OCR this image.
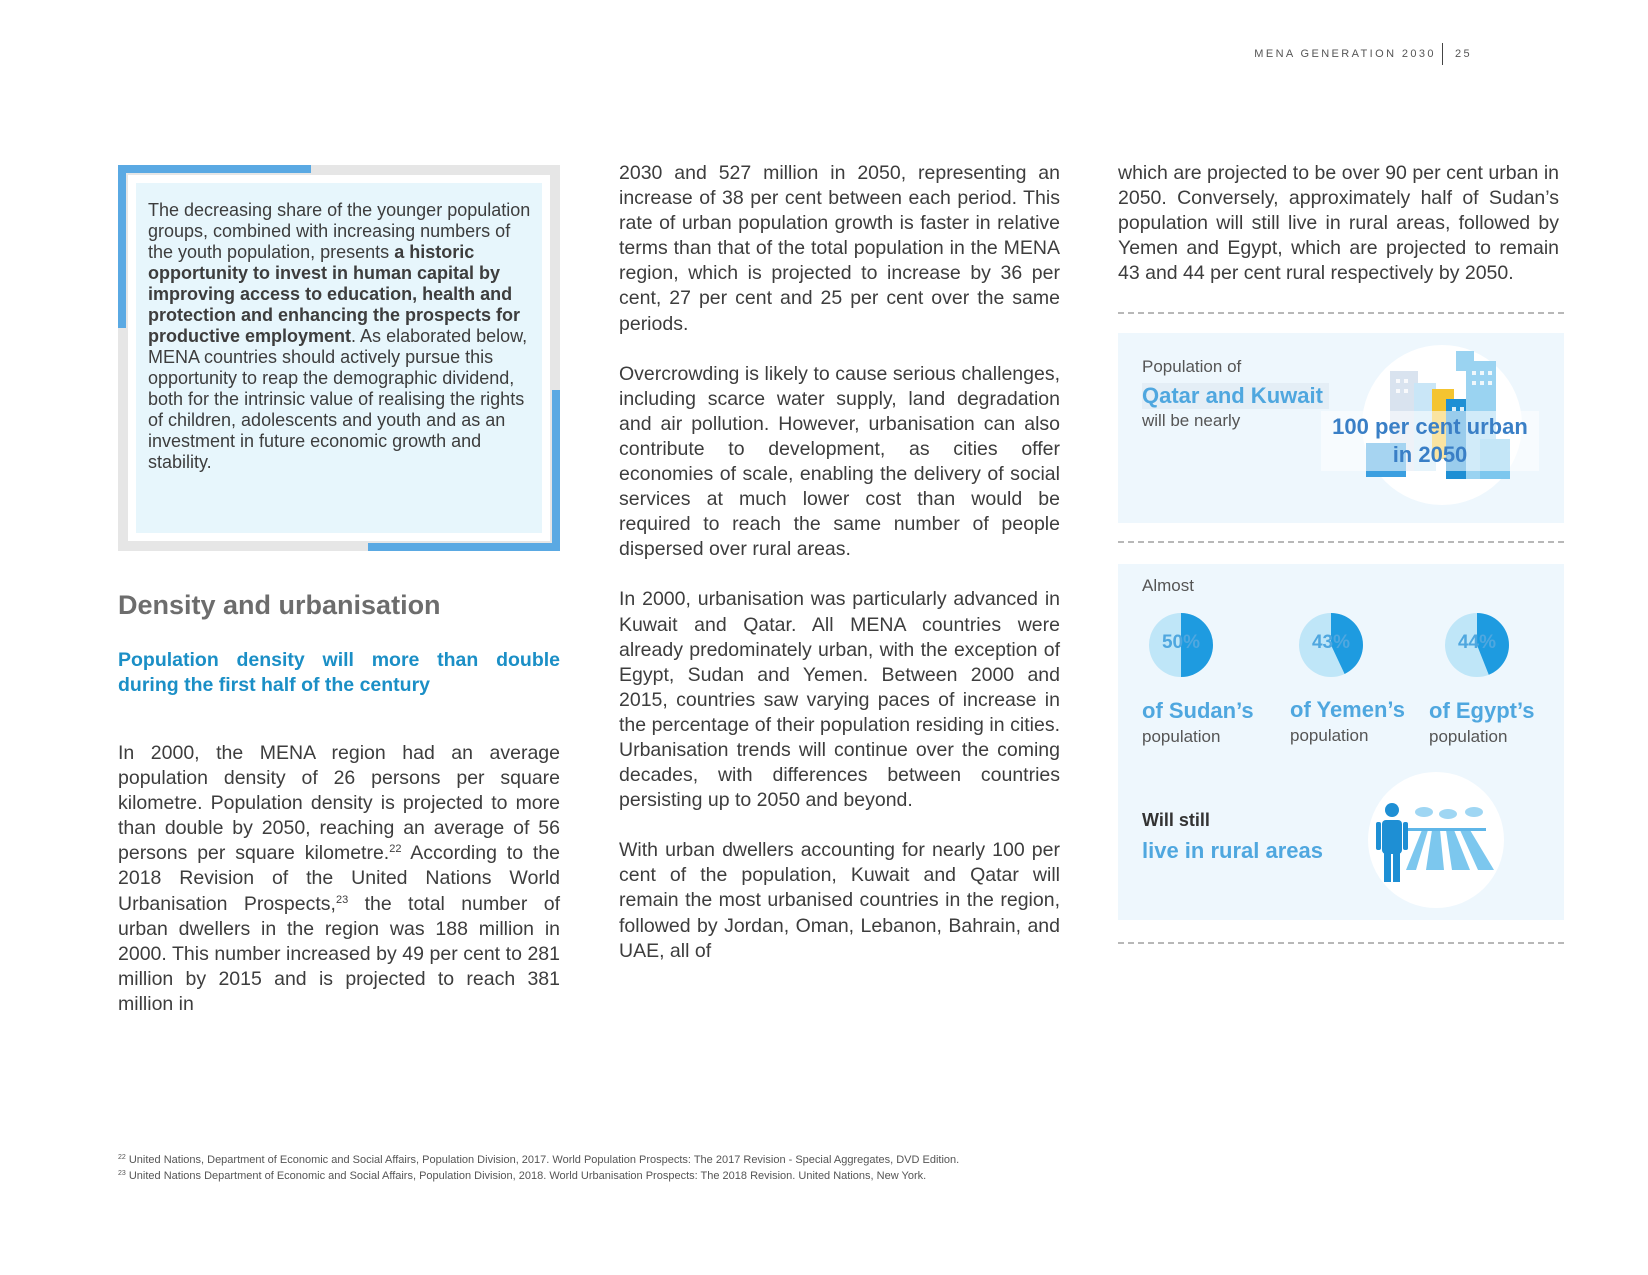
MENA GENERATION 2030 25

The decreasing share of the younger population groups, combined with increasing numbers of the youth population, presents a historic opportunity to invest in human capital by improving access to education, health and protection and enhancing the prospects for productive employment. As elaborated below, MENA countries should actively pursue this opportunity to reap the demographic dividend, both for the intrinsic value of realising the rights of children, adolescents and youth and as an investment in future economic growth and stability.

Density and urbanisation

Population density will more than double during the first half of the century

In 2000, the MENA region had an average population density of 26 persons per square kilometre. Population density is projected to more than double by 2050, reaching an average of 56 persons per square kilometre.$^{22}$ According to the 2018 Revision of the United Nations World Urbanisation Prospects,$^{23}$ the total number of urban dwellers in the region was 188 million in 2000. This number increased by 49 per cent to 281 million by 2015 and is projected to reach 381 million in

2030 and 527 million in 2050, representing an increase of 38 per cent between each period. This rate of urban population growth is faster in relative terms than that of the total population in the MENA region, which is projected to increase by 36 per cent, 27 per cent and 25 per cent over the same periods.

Overcrowding is likely to cause serious challenges, including scarce water supply, land degradation and air pollution. However, urbanisation can also contribute to development, as cities offer economies of scale, enabling the delivery of social services at much lower cost than would be required to reach the same number of people dispersed over rural areas.

In 2000, urbanisation was particularly advanced in Kuwait and Qatar. All MENA countries were already predominately urban, with the exception of Egypt, Sudan and Yemen. Between 2000 and 2015, countries saw varying paces of increase in the percentage of their population residing in cities. Urbanisation trends will continue over the coming decades, with differences between countries persisting up to 2050 and beyond.

With urban dwellers accounting for nearly 100 per cent of the population, Kuwait and Qatar will remain the most urbanised countries in the region, followed by Jordan, Oman, Lebanon, Bahrain, and UAE, all of

which are projected to be over 90 per cent urban in 2050. Conversely, approximately half of Sudan’s population will still live in rural areas, followed by Yemen and Egypt, which are projected to remain 43 and 44 per cent rural respectively by 2050.

Population of
Qatar and Kuwait
will be nearly	100 per cent urban
in 2050
Almost
50%	43%	44%
of Sudan’s
population
of Yemen’s
population
of Egypt’s
population
Will still
live in rural areas
$^{22}$ United Nations, Department of Economic and Social Affairs, Population Division, 2017. World Population Prospects: The 2017 Revision - Special Aggregates, DVD Edition.
$^{23}$ United Nations Department of Economic and Social Affairs, Population Division, 2018. World Urbanisation Prospects: The 2018 Revision. United Nations, New York.
